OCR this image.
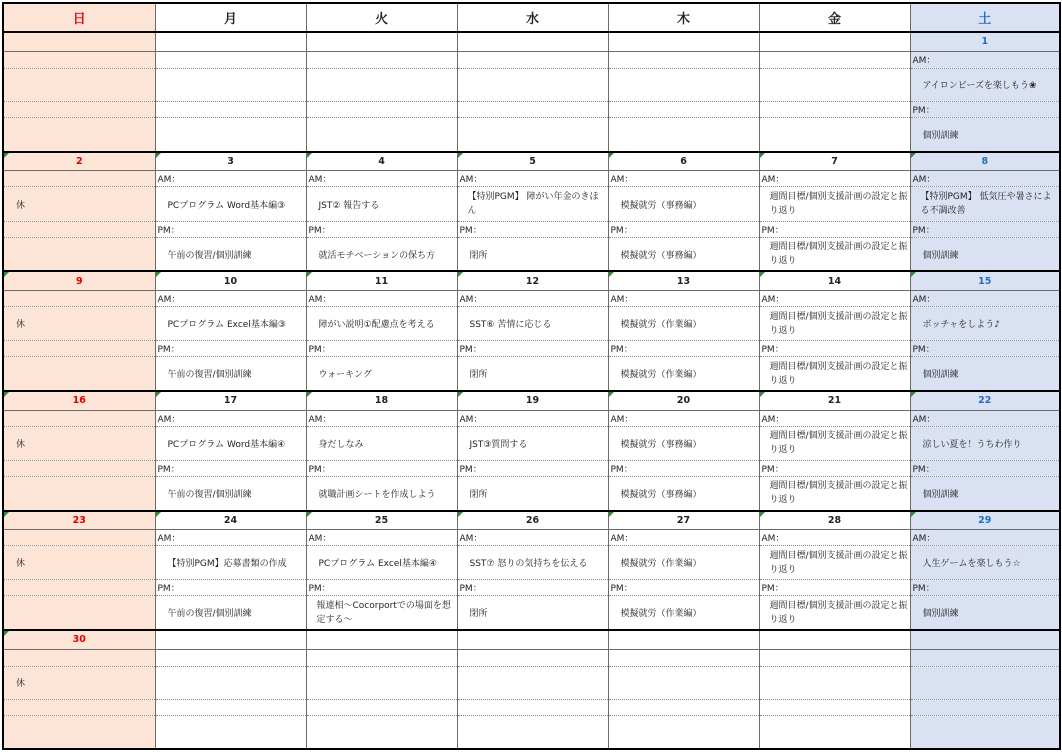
日	月	火	水	木	金	土
						1
						AM：
						アイロンビーズを楽しもう❀
						PM：
						個別訓練
2	3	4	5	6	7	8
	AM：	AM：	AM：	AM：	AM：	AM：
休	PCプログラム Word基本編③	JST② 報告する	【特別PGM】 障がい年金のきほん	模擬就労（事務編）	週間目標/個別支援計画の設定と振り返り	【特別PGM】 低気圧や暑さによる不調改善
	PM：	PM：	PM：	PM：	PM：	PM：
	午前の復習/個別訓練	就活モチベーションの保ち方	閉所	模擬就労（事務編）	週間目標/個別支援計画の設定と振り返り	個別訓練
9	10	11	12	13	14	15
	AM：	AM：	AM：	AM：	AM：	AM：
休	PCプログラム Excel基本編③	障がい説明①配慮点を考える	SST⑥ 苦情に応じる	模擬就労（作業編）	週間目標/個別支援計画の設定と振り返り	ボッチャをしよう♪
	PM：	PM：	PM：	PM：	PM：	PM：
	午前の復習/個別訓練	ウォーキング	閉所	模擬就労（作業編）	週間目標/個別支援計画の設定と振り返り	個別訓練
16	17	18	19	20	21	22
	AM：	AM：	AM：	AM：	AM：	AM：
休	PCプログラム Word基本編④	身だしなみ	JST③質問する	模擬就労（事務編）	週間目標/個別支援計画の設定と振り返り	涼しい夏を！うちわ作り
	PM：	PM：	PM：	PM：	PM：	PM：
	午前の復習/個別訓練	就職計画シートを作成しよう	閉所	模擬就労（事務編）	週間目標/個別支援計画の設定と振り返り	個別訓練
23	24	25	26	27	28	29
	AM：	AM：	AM：	AM：	AM：	AM：
休	【特別PGM】応募書類の作成	PCプログラム Excel基本編④	SST⑦ 怒りの気持ちを伝える	模擬就労（作業編）	週間目標/個別支援計画の設定と振り返り	人生ゲームを楽しもう☆
	PM：	PM：	PM：	PM：	PM：	PM：
	午前の復習/個別訓練	報連相～Cocorportでの場面を想定する～	閉所	模擬就労（作業編）	週間目標/個別支援計画の設定と振り返り	個別訓練
30						

休						
